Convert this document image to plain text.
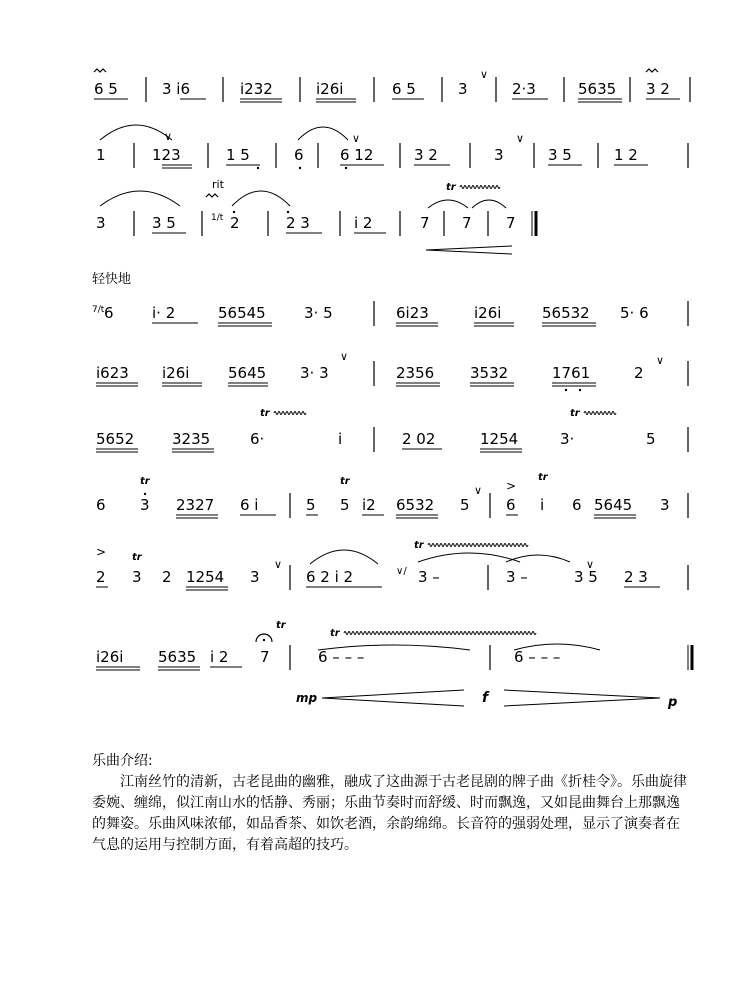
6 5	3 i6	i232	i26i	6 5	3
∨
2·3	5635 3 2
1	123
∨
1 5	6 6 12
∨
3 2	3
∨
3 5	1 2
3	3 5
rit
1/t 2	2 3	i 2	7
tr
7 7
7/t 6	i· 2	56545	3· 5	6i23	i26i	56532 5· 6
i623 i26i	5645 3· 3
∨
2356 3532	1761	2
∨
5652	3235
tr
6·	i	2 02	1254
tr
3·	5
6
tr
3 2327 6 i	5
tr
5 i2 6532 5
∨ >
6
tr
i 6 5645 3
>
2
tr
3 2 1254 3
∨
6 2 i 2	∨/
tr
3 –	3 –	3 5
∨
2 3
i26i 5635 i 2
tr
7
tr
6 – – –	6 – – –
mp	f	p
轻快地
乐曲介绍:

江南丝竹的清新，古老昆曲的幽雅，融成了这曲源于古老昆剧的牌子曲《折桂令》。乐曲旋律委婉、缠绵，似江南山水的恬静、秀丽；乐曲节奏时而舒缓、时而飘逸，又如昆曲舞台上那飘逸的舞姿。乐曲风味浓郁，如品香茶、如饮老酒，余韵绵绵。长音符的强弱处理，显示了演奏者在气息的运用与控制方面，有着高超的技巧。
